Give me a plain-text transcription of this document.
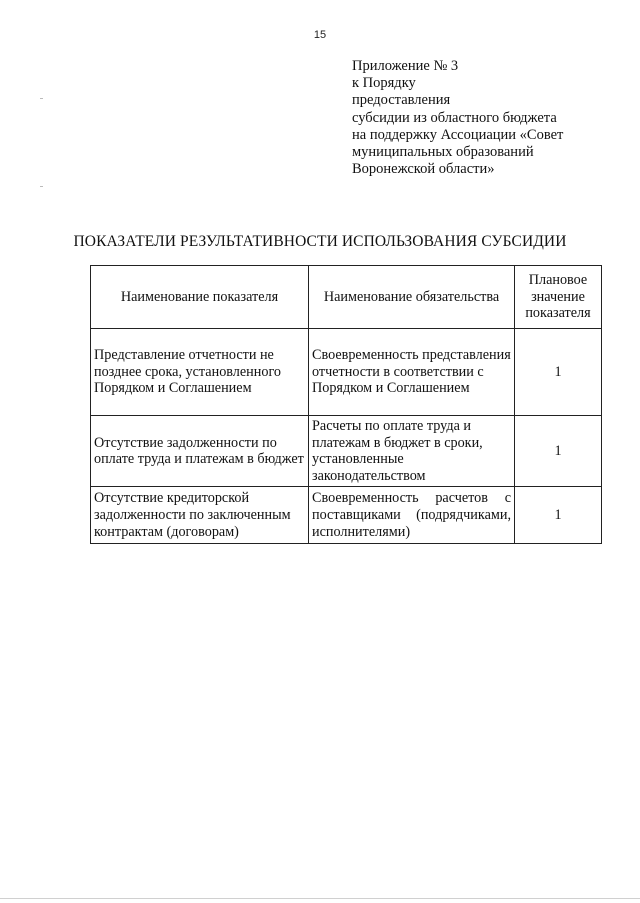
15
Приложение № 3
к Порядку
предоставления
субсидии из областного бюджета
на поддержку Ассоциации «Совет
муниципальных образований
Воронежской области»
ПОКАЗАТЕЛИ РЕЗУЛЬТАТИВНОСТИ ИСПОЛЬЗОВАНИЯ СУБСИДИИ
Наименование показателя	Наименование обязательства	Плановое значение показателя
Представление отчетности не позднее срока, установленного Порядком и Соглашением	Своевременность представления отчетности в соответствии с Порядком и Соглашением	1
Отсутствие задолженности по оплате труда и платежам в бюджет	Расчеты по оплате труда и платежам в бюджет в сроки, установленные законодательством	1
Отсутствие кредиторской задолженности по заключенным контрактам (договорам)	Своевременность расчетов с поставщиками (подрядчиками, исполнителями)	1
